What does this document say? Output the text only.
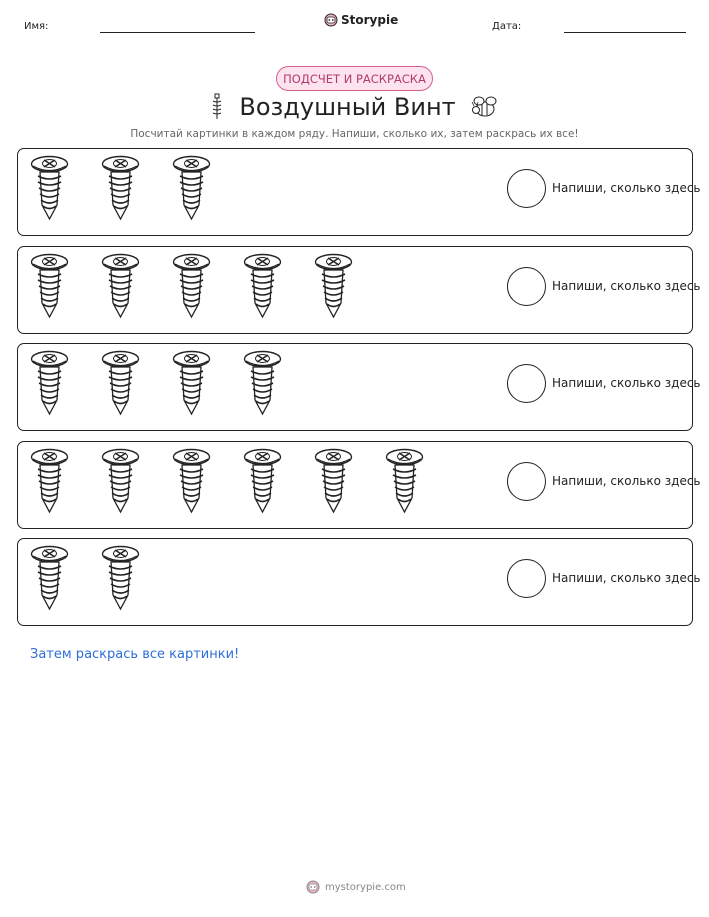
Имя:	Storypie	Дата:
ПОДСЧЕТ И РАСКРАСКА
Воздушный Винт
Посчитай картинки в каждом ряду. Напиши, сколько их, затем раскрась их все!
Напиши, сколько здесь
Напиши, сколько здесь
Напиши, сколько здесь
Напиши, сколько здесь
Напиши, сколько здесь
Затем раскрась все картинки!
mystorypie.com
